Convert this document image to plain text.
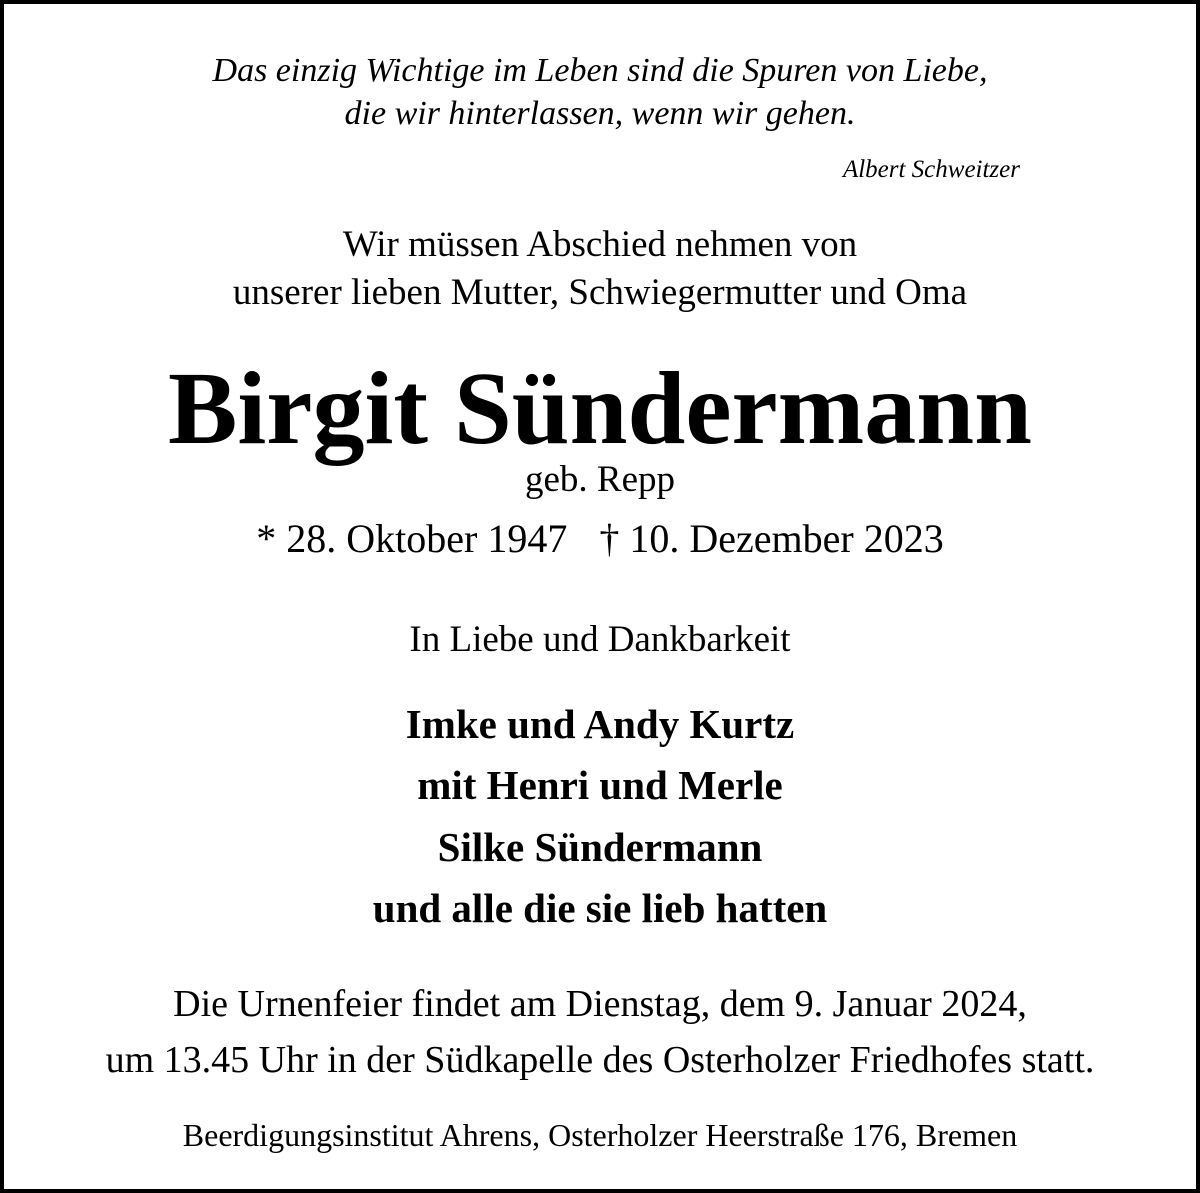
Das einzig Wichtige im Leben sind die Spuren von Liebe,
die wir hinterlassen, wenn wir gehen.
Albert Schweitzer
Wir müssen Abschied nehmen von
unserer lieben Mutter, Schwiegermutter und Oma
Birgit Sündermann
geb. Repp
* 28. Oktober 1947 † 10. Dezember 2023
In Liebe und Dankbarkeit
Imke und Andy Kurtz
mit Henri und Merle
Silke Sündermann
und alle die sie lieb hatten
Die Urnenfeier findet am Dienstag, dem 9. Januar 2024,
um 13.45 Uhr in der Südkapelle des Osterholzer Friedhofes statt.
Beerdigungsinstitut Ahrens, Osterholzer Heerstraße 176, Bremen
